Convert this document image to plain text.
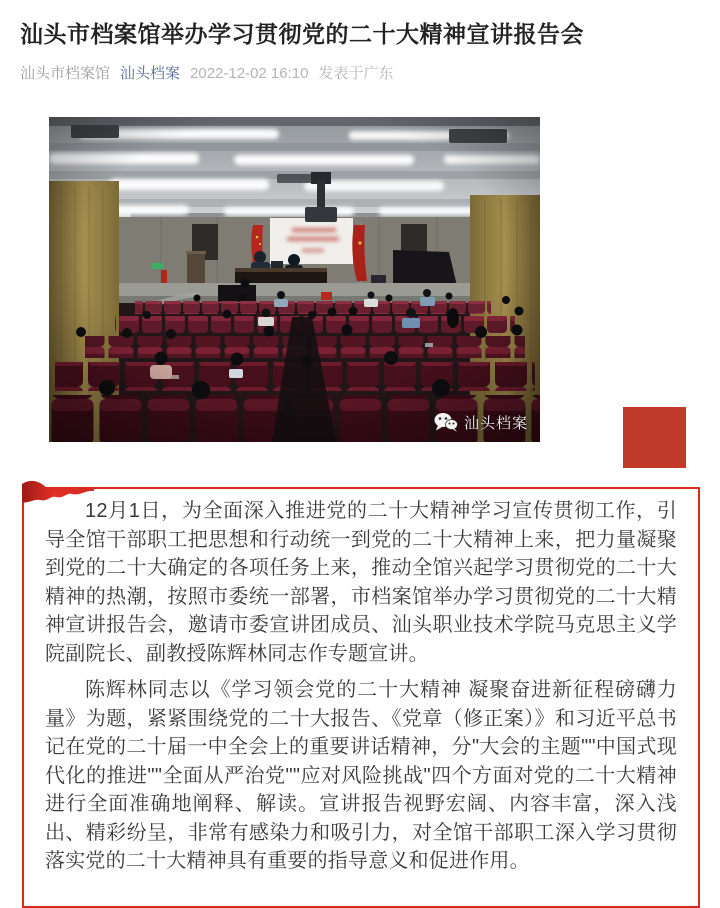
汕头市档案馆举办学习贯彻党的二十大精神宣讲报告会
汕头市档案馆 汕头档案 2022-12-02 16:10 发表于广东
汕头档案

12月1日，为全面深入推进党的二十大精神学习宣传贯彻工作，引导全馆干部职工把思想和行动统一到党的二十大精神上来，把力量凝聚到党的二十大确定的各项任务上来，推动全馆兴起学习贯彻党的二十大精神的热潮，按照市委统一部署，市档案馆举办学习贯彻党的二十大精神宣讲报告会，邀请市委宣讲团成员、汕头职业技术学院马克思主义学院副院长、副教授陈辉林同志作专题宣讲。

陈辉林同志以《学习领会党的二十大精神 凝聚奋进新征程磅礴力量》为题，紧紧围绕党的二十大报告、《党章（修正案）》和习近平总书记在党的二十届一中全会上的重要讲话精神，分"大会的主题""中国式现代化的推进""全面从严治党""应对风险挑战"四个方面对党的二十大精神进行全面准确地阐释、解读。宣讲报告视野宏阔、内容丰富，深入浅出、精彩纷呈，非常有感染力和吸引力，对全馆干部职工深入学习贯彻落实党的二十大精神具有重要的指导意义和促进作用。
